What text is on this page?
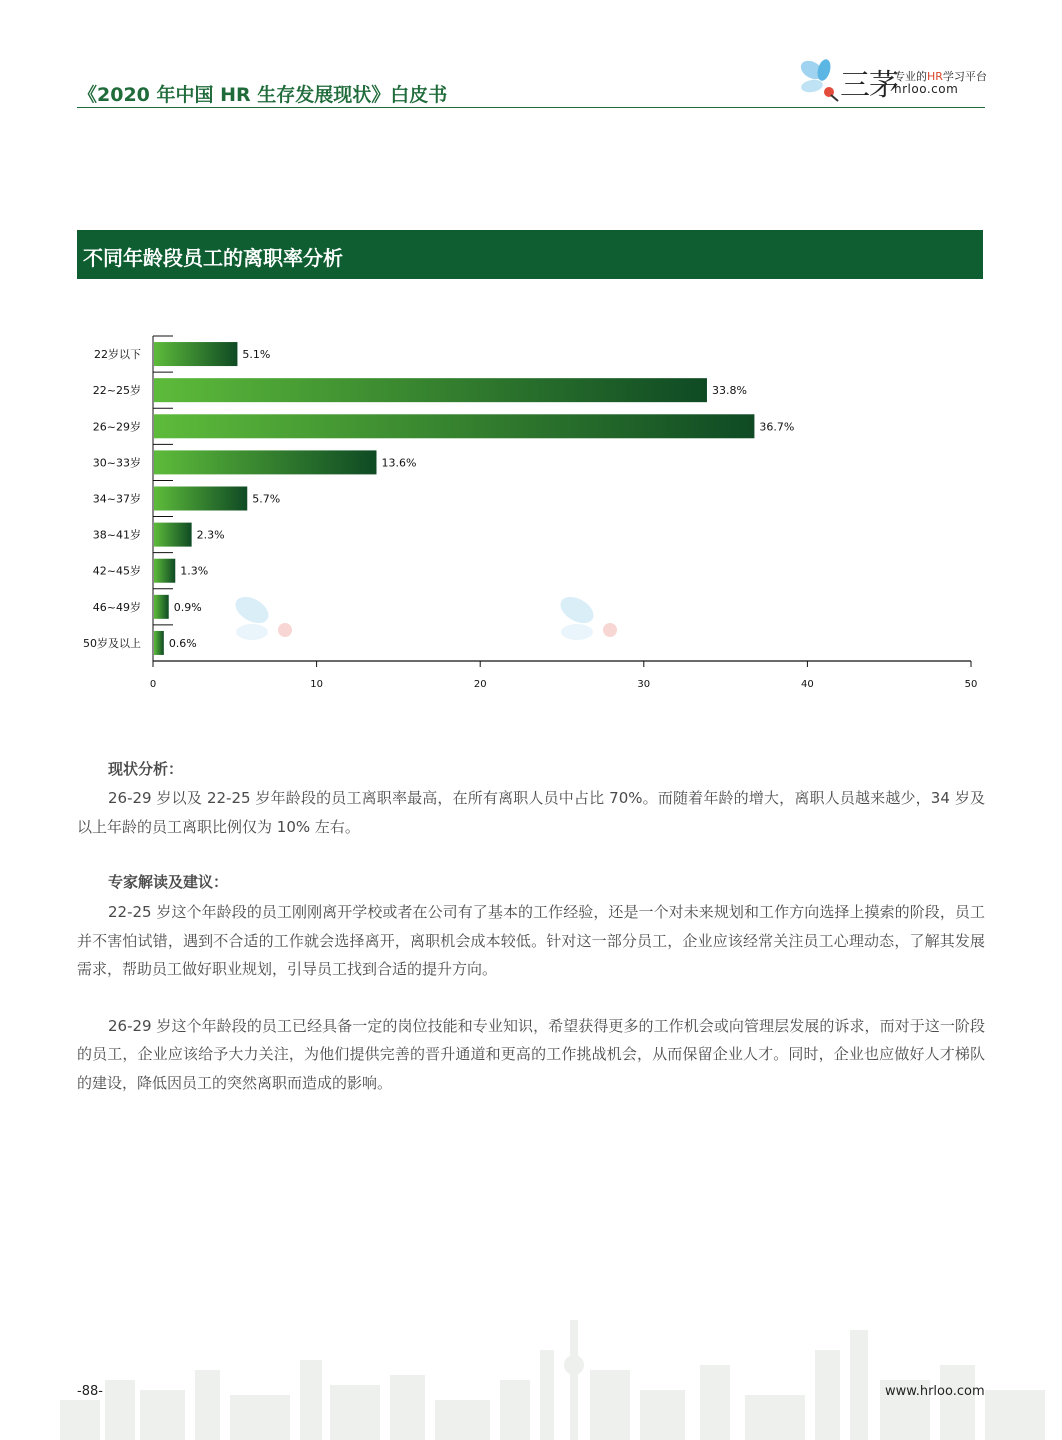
《2020 年中国 HR 生存发展现状》白皮书	三茅
专业的HR学习平台
hrloo.com
不同年龄段员工的离职率分析
22岁以下	5.1%
22~25岁	33.8%
26~29岁	36.7%
30~33岁	13.6%
34~37岁	5.7%
38~41岁	2.3%
42~45岁	1.3%
46~49岁	0.9%
50岁及以上	0.6%
0	10	20	30	40	50
现状分析：

26-29 岁以及 22-25 岁年龄段的员工离职率最高，在所有离职人员中占比 70%。而随着年龄的增大，离职人员越来越少，34 岁及以上年龄的员工离职比例仅为 10% 左右。

专家解读及建议：

22-25 岁这个年龄段的员工刚刚离开学校或者在公司有了基本的工作经验，还是一个对未来规划和工作方向选择上摸索的阶段，员工并不害怕试错，遇到不合适的工作就会选择离开，离职机会成本较低。针对这一部分员工，企业应该经常关注员工心理动态，了解其发展需求，帮助员工做好职业规划，引导员工找到合适的提升方向。

26-29 岁这个年龄段的员工已经具备一定的岗位技能和专业知识，希望获得更多的工作机会或向管理层发展的诉求，而对于这一阶段的员工，企业应该给予大力关注，为他们提供完善的晋升通道和更高的工作挑战机会，从而保留企业人才。同时，企业也应做好人才梯队的建设，降低因员工的突然离职而造成的影响。

-88-	www.hrloo.com
